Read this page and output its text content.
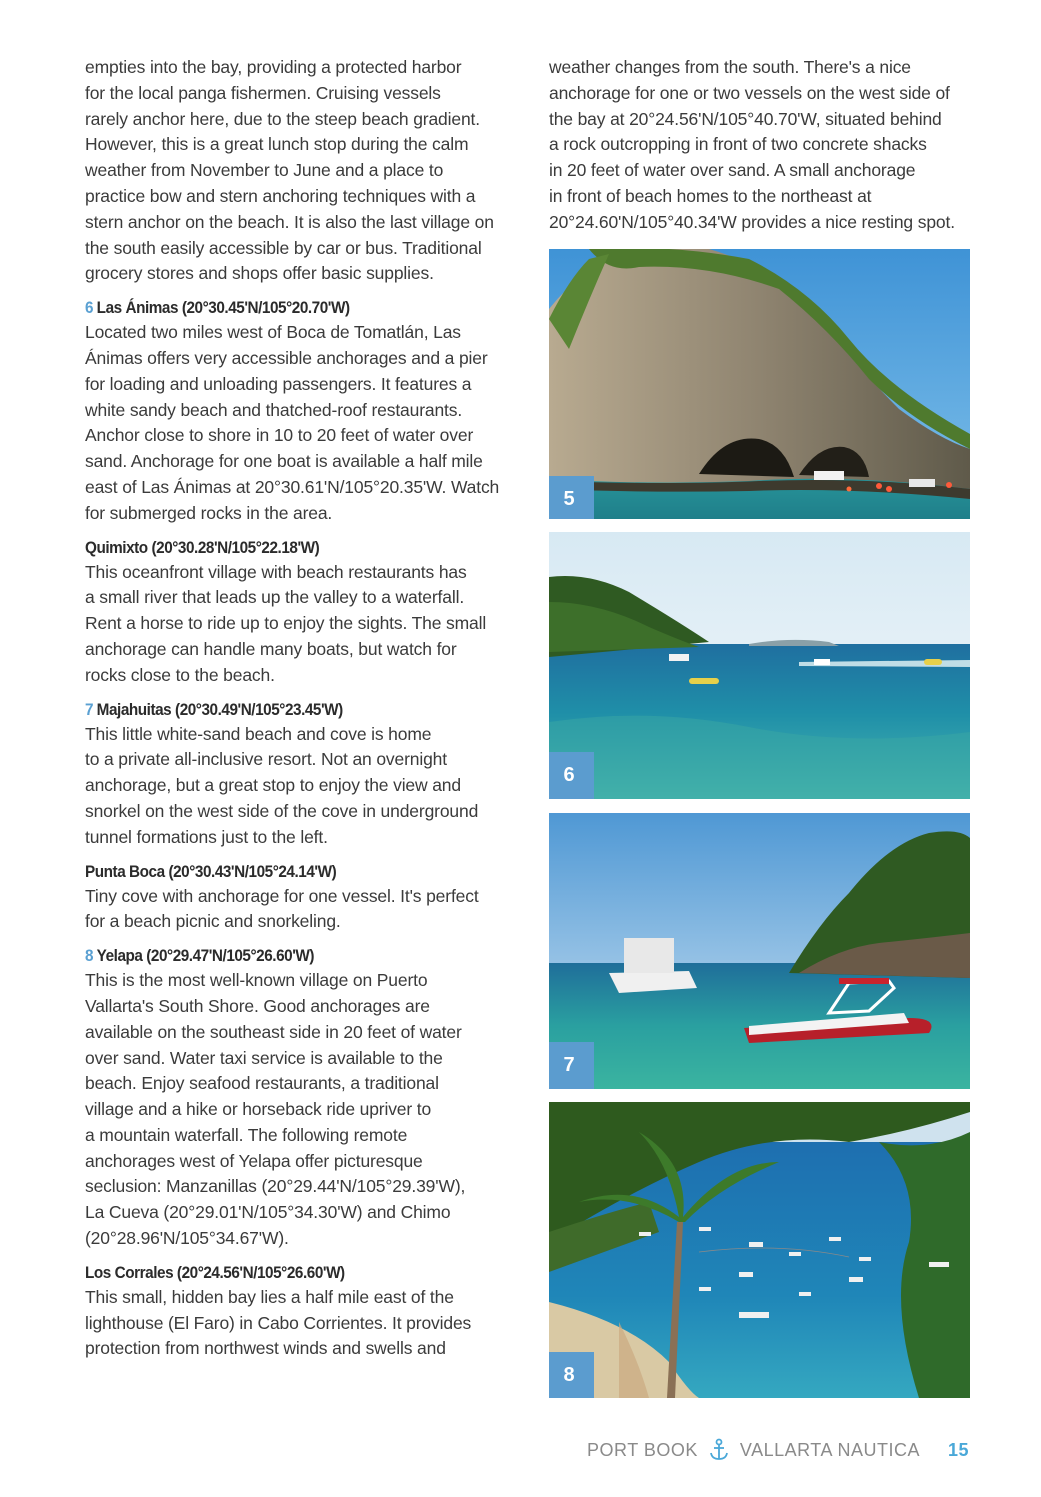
empties into the bay, providing a protected harbor
for the local panga fishermen. Cruising vessels
rarely anchor here, due to the steep beach gradient.
However, this is a great lunch stop during the calm
weather from November to June and a place to
practice bow and stern anchoring techniques with a
stern anchor on the beach. It is also the last village on
the south easily accessible by car or bus. Traditional
grocery stores and shops offer basic supplies.
6 Las Ánimas (20°30.45'N/105°20.70'W)
Located two miles west of Boca de Tomatlán, Las
Ánimas offers very accessible anchorages and a pier
for loading and unloading passengers. It features a
white sandy beach and thatched-roof restaurants.
Anchor close to shore in 10 to 20 feet of water over
sand. Anchorage for one boat is available a half mile
east of Las Ánimas at 20°30.61'N/105°20.35'W. Watch
for submerged rocks in the area.
Quimixto (20°30.28'N/105°22.18'W)
This oceanfront village with beach restaurants has
a small river that leads up the valley to a waterfall.
Rent a horse to ride up to enjoy the sights. The small
anchorage can handle many boats, but watch for
rocks close to the beach.
7 Majahuitas (20°30.49'N/105°23.45'W)
This little white-sand beach and cove is home
to a private all-inclusive resort. Not an overnight
anchorage, but a great stop to enjoy the view and
snorkel on the west side of the cove in underground
tunnel formations just to the left.
Punta Boca (20°30.43'N/105°24.14'W)
Tiny cove with anchorage for one vessel. It's perfect
for a beach picnic and snorkeling.
8 Yelapa (20°29.47'N/105°26.60'W)
This is the most well-known village on Puerto
Vallarta's South Shore. Good anchorages are
available on the southeast side in 20 feet of water
over sand. Water taxi service is available to the
beach. Enjoy seafood restaurants, a traditional
village and a hike or horseback ride upriver to
a mountain waterfall. The following remote
anchorages west of Yelapa offer picturesque
seclusion: Manzanillas (20°29.44'N/105°29.39'W),
La Cueva (20°29.01'N/105°34.30'W) and Chimo
(20°28.96'N/105°34.67'W).
Los Corrales (20°24.56'N/105°26.60'W)
This small, hidden bay lies a half mile east of the
lighthouse (El Faro) in Cabo Corrientes. It provides
protection from northwest winds and swells and
weather changes from the south. There's a nice
anchorage for one or two vessels on the west side of
the bay at 20°24.56'N/105°40.70'W, situated behind
a rock outcropping in front of two concrete shacks
in 20 feet of water over sand. A small anchorage
in front of beach homes to the northeast at
20°24.60'N/105°40.34'W provides a nice resting spot.
5
6
7
8
PORT BOOK VALLARTA NAUTICA 15
